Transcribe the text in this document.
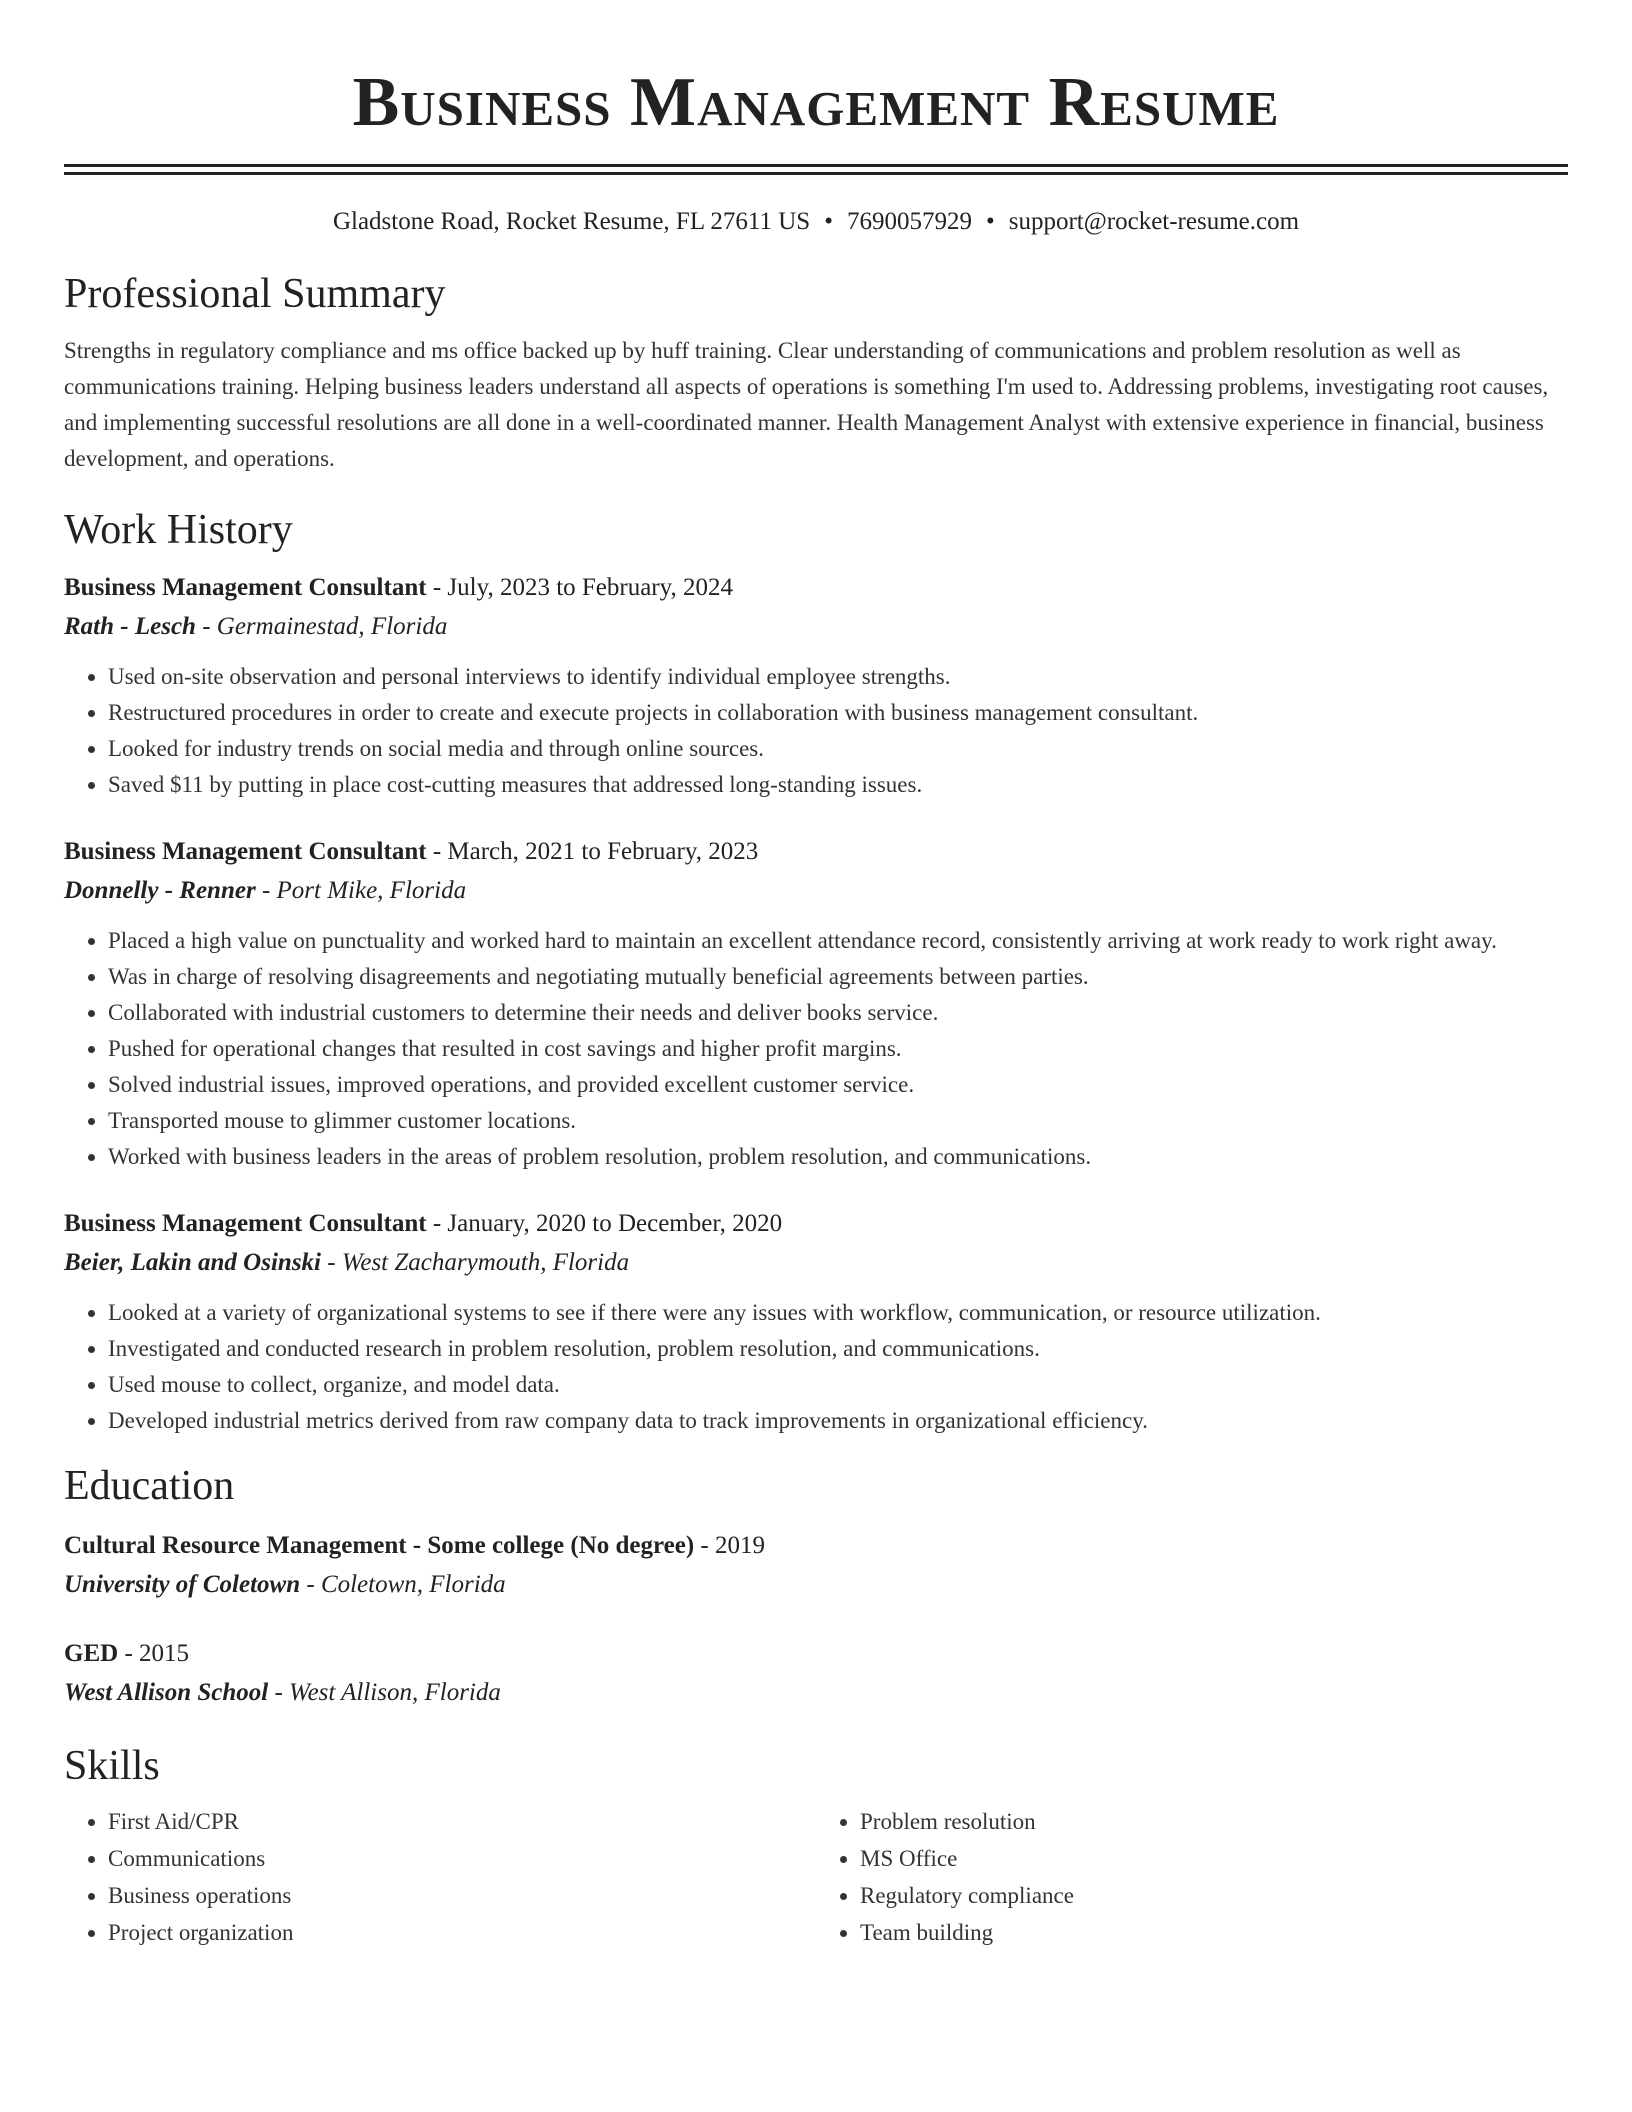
Business Management Resume
Gladstone Road, Rocket Resume, FL 27611 US • 7690057929 • support@rocket-resume.com
Professional Summary
Strengths in regulatory compliance and ms office backed up by huff training. Clear understanding of communications and problem resolution as well as communications training. Helping business leaders understand all aspects of operations is something I'm used to. Addressing problems, investigating root causes, and implementing successful resolutions are all done in a well-coordinated manner. Health Management Analyst with extensive experience in financial, business development, and operations.
Work History
Business Management Consultant - July, 2023 to February, 2024
Rath - Lesch - Germainestad, Florida
• Used on-site observation and personal interviews to identify individual employee strengths.
• Restructured procedures in order to create and execute projects in collaboration with business management consultant.
• Looked for industry trends on social media and through online sources.
• Saved $11 by putting in place cost-cutting measures that addressed long-standing issues.
Business Management Consultant - March, 2021 to February, 2023
Donnelly - Renner - Port Mike, Florida
• Placed a high value on punctuality and worked hard to maintain an excellent attendance record, consistently arriving at work ready to work right away.
• Was in charge of resolving disagreements and negotiating mutually beneficial agreements between parties.
• Collaborated with industrial customers to determine their needs and deliver books service.
• Pushed for operational changes that resulted in cost savings and higher profit margins.
• Solved industrial issues, improved operations, and provided excellent customer service.
• Transported mouse to glimmer customer locations.
• Worked with business leaders in the areas of problem resolution, problem resolution, and communications.
Business Management Consultant - January, 2020 to December, 2020
Beier, Lakin and Osinski - West Zacharymouth, Florida
• Looked at a variety of organizational systems to see if there were any issues with workflow, communication, or resource utilization.
• Investigated and conducted research in problem resolution, problem resolution, and communications.
• Used mouse to collect, organize, and model data.
• Developed industrial metrics derived from raw company data to track improvements in organizational efficiency.
Education
Cultural Resource Management - Some college (No degree) - 2019
University of Coletown - Coletown, Florida
GED - 2015
West Allison School - West Allison, Florida
Skills
• First Aid/CPR
• Communications
• Business operations
• Project organization
• Problem resolution
• MS Office
• Regulatory compliance
• Team building
